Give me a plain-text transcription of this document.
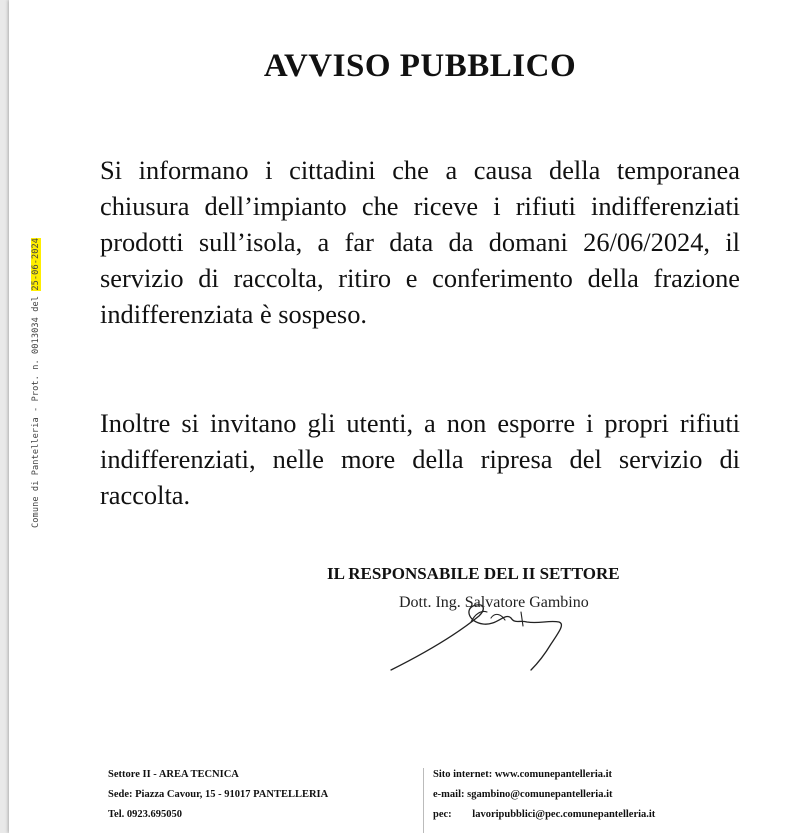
Comune di Pantelleria - Prot. n. 0013034 del 25-06-2024
AVVISO PUBBLICO
Si informano i cittadini che a causa della temporanea chiusura dell’impianto che riceve i rifiuti indifferenziati prodotti sull’isola, a far data da domani 26/06/2024, il servizio di raccolta, ritiro e conferimento della frazione indifferenziata è sospeso.
Inoltre si invitano gli utenti, a non esporre i propri rifiuti indifferenziati, nelle more della ripresa del servizio di raccolta.
IL RESPONSABILE DEL II SETTORE
Dott. Ing. Salvatore Gambino
Settore II - AREA TECNICA
Sede: Piazza Cavour, 15 - 91017 PANTELLERIA
Tel. 0923.695050
Sito internet: www.comunepantelleria.it
e-mail: sgambino@comunepantelleria.it
pec: lavoripubblici@pec.comunepantelleria.it
